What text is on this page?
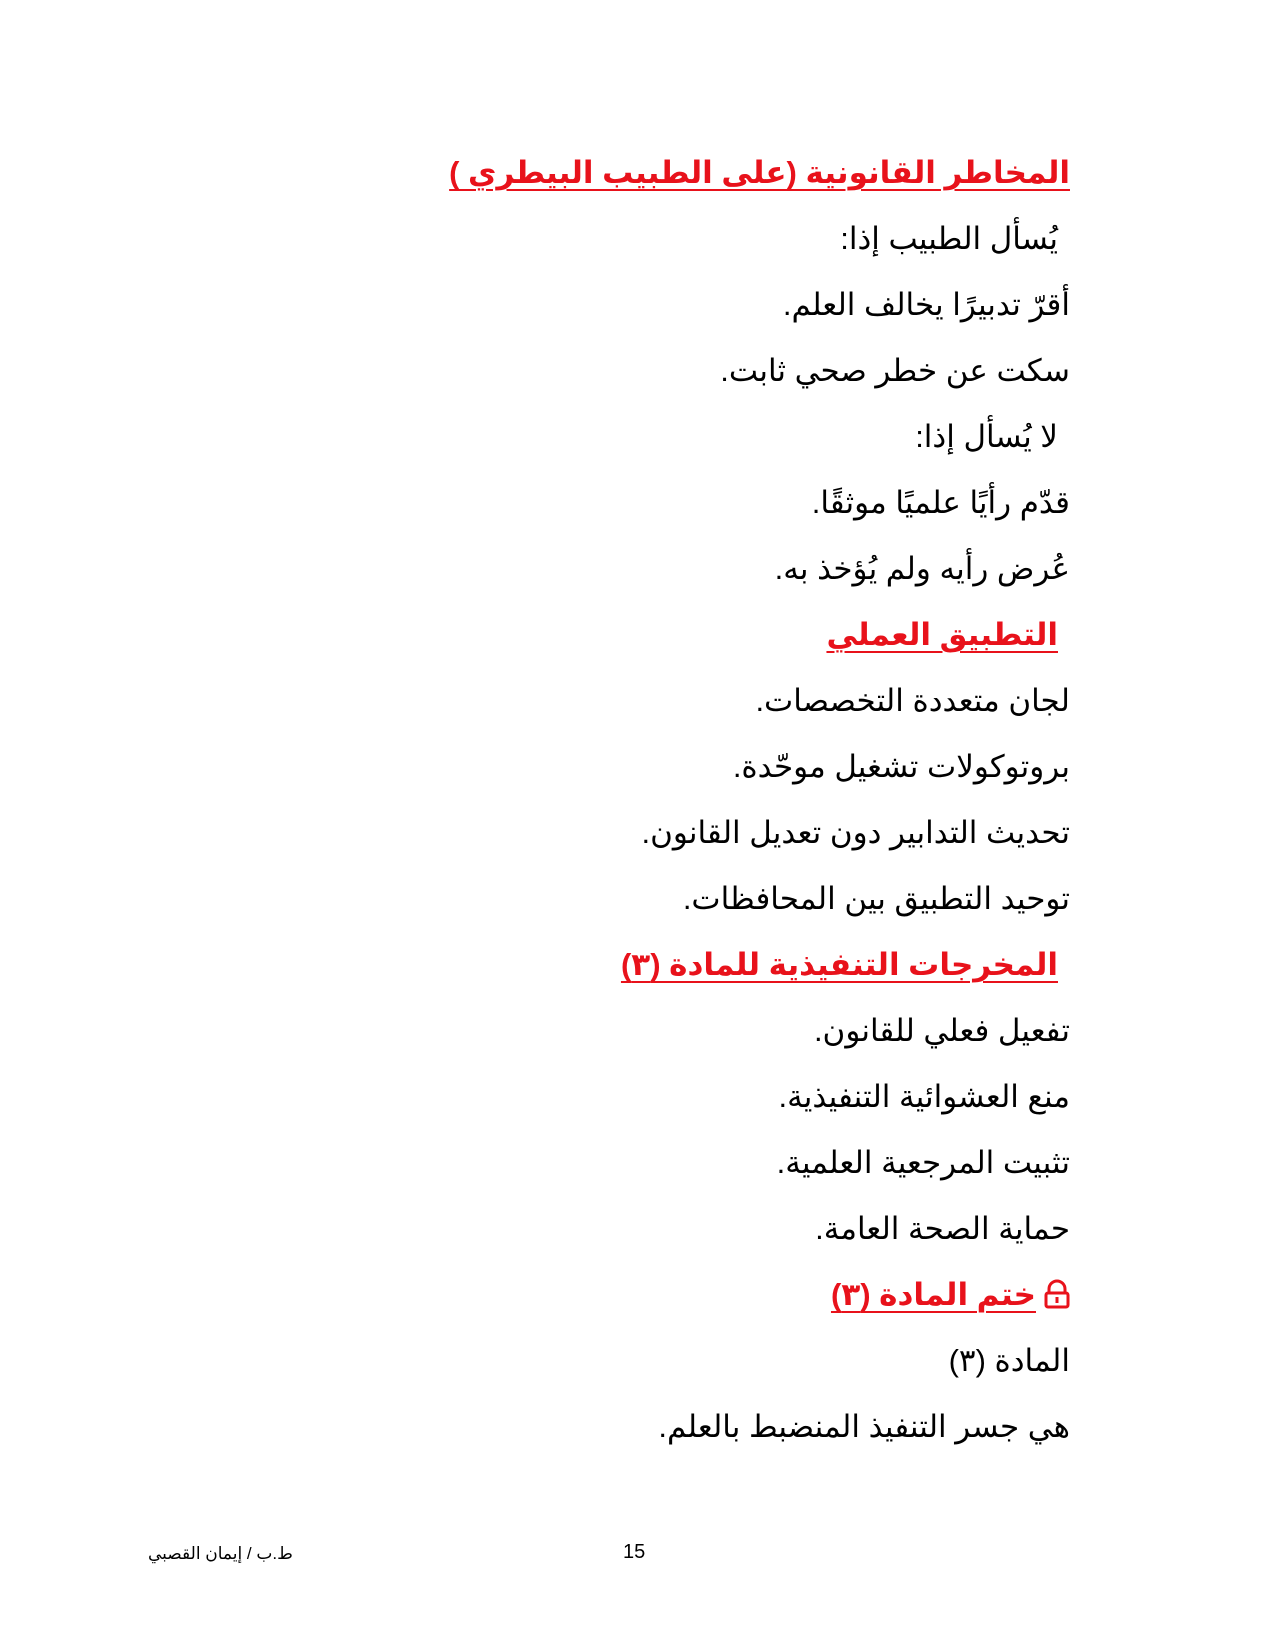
المخاطر القانونية (على الطبيب البيطري )
يُسأل الطبيب إذا:
أقرّ تدبيرًا يخالف العلم.
سكت عن خطر صحي ثابت.
لا يُسأل إذا:
قدّم رأيًا علميًا موثقًا.
عُرض رأيه ولم يُؤخذ به.
التطبيق العملي
لجان متعددة التخصصات.
بروتوكولات تشغيل موحّدة.
تحديث التدابير دون تعديل القانون.
توحيد التطبيق بين المحافظات.
المخرجات التنفيذية للمادة (٣)
تفعيل فعلي للقانون.
منع العشوائية التنفيذية.
تثبيت المرجعية العلمية.
حماية الصحة العامة.
ختم المادة (٣)
المادة (٣)
هي جسر التنفيذ المنضبط بالعلم.
ط.ب / إيمان القصبي	15
